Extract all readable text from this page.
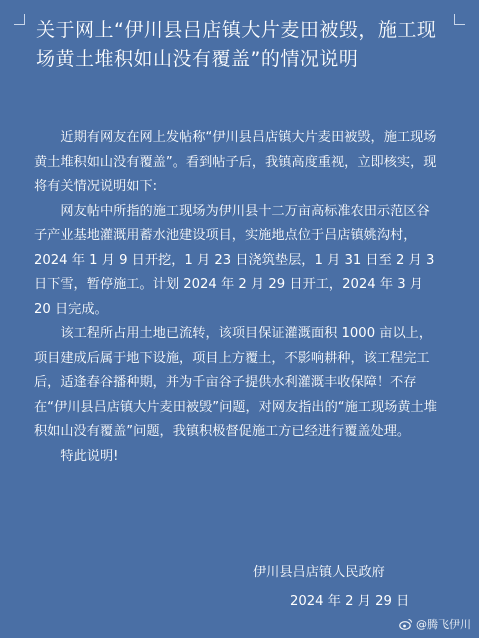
关于网上“伊川县吕店镇大片麦田被毁，施工现场黄土堆积如山没有覆盖”的情况说明

近期有网友在网上发帖称“伊川县吕店镇大片麦田被毁，施工现场黄土堆积如山没有覆盖”。看到帖子后，我镇高度重视，立即核实，现将有关情况说明如下:

网友帖中所指的施工现场为伊川县十二万亩高标准农田示范区谷子产业基地灌溉用蓄水池建设项目，实施地点位于吕店镇姚沟村，2024 年 1 月 9 日开挖，1 月 23 日浇筑垫层，1 月 31 日至 2 月 3 日下雪，暂停施工。计划 2024 年 2 月 29 日开工，2024 年 3 月 20 日完成。

该工程所占用土地已流转，该项目保证灌溉面积 1000 亩以上，项目建成后属于地下设施，项目上方覆土，不影响耕种，该工程完工后，适逢春谷播种期，并为千亩谷子提供水利灌溉丰收保障！不存在“伊川县吕店镇大片麦田被毁”问题，对网友指出的“施工现场黄土堆积如山没有覆盖”问题，我镇积极督促施工方已经进行覆盖处理。

特此说明!

伊川县吕店镇人民政府
2024 年 2 月 29 日
@腾飞伊川
